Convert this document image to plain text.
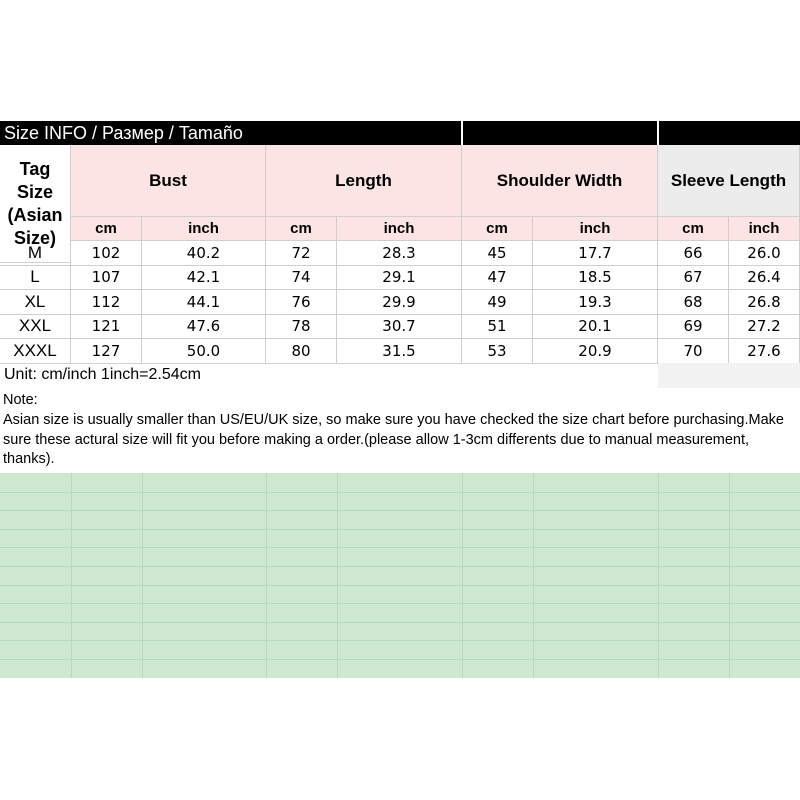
Size INFO / Размер / Tamaño
Tag
Size
(Asian
Size)
Bust	Length	Shoulder Width	Sleeve Length
cm	inch	cm	inch	cm	inch	cm	inch
M	102	40.2	72	28.3	45	17.7	66	26.0
L	107	42.1	74	29.1	47	18.5	67	26.4
XL	112	44.1	76	29.9	49	19.3	68	26.8
XXL	121	47.6	78	30.7	51	20.1	69	27.2
XXXL	127	50.0	80	31.5	53	20.9	70	27.6
Unit: cm/inch 1inch=2.54cm
Note:
Asian size is usually smaller than US/EU/UK size, so make sure you have checked the size chart before purchasing.Make sure these actural size will fit you before making a order.(please allow 1-3cm differents due to manual measurement, thanks).
